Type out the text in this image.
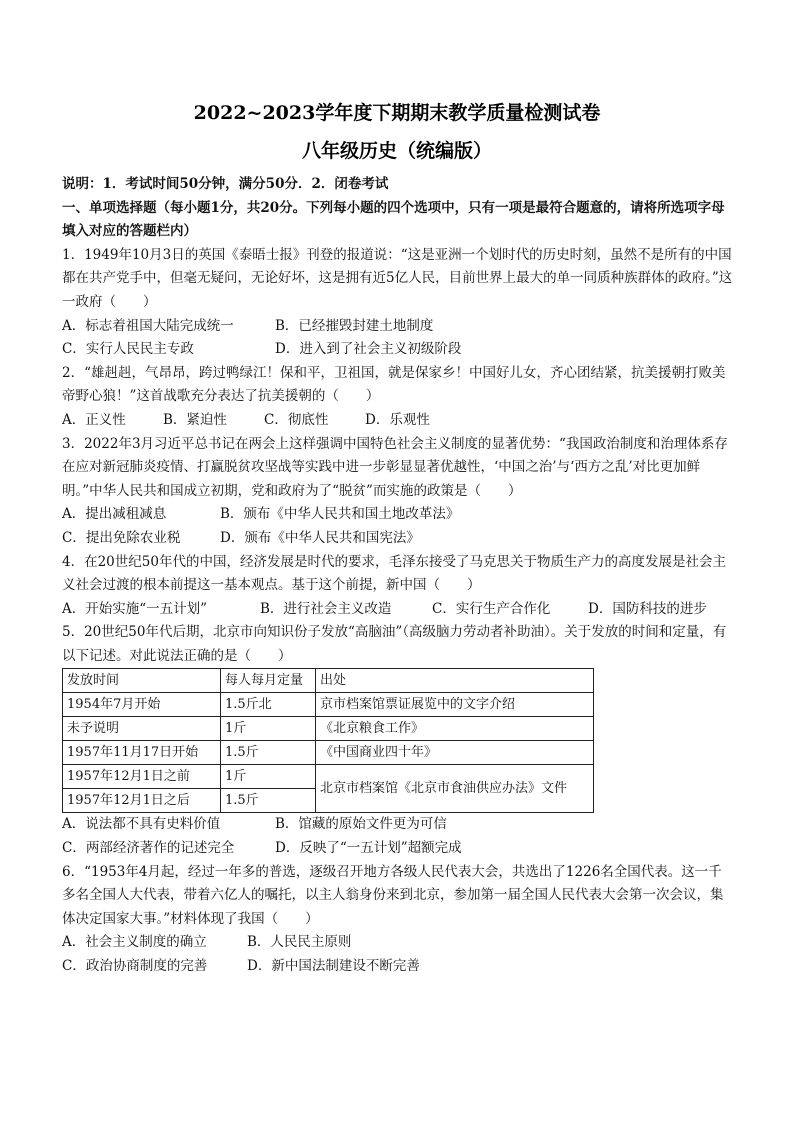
2022~2023学年度下期期末教学质量检测试卷
八年级历史（统编版）

说明：1．考试时间50分钟，满分50分．2．闭卷考试

一、单项选择题（每小题1分，共20分。下列每小题的四个选项中，只有一项是最符合题意的，请将所选项字母填入对应的答题栏内）

1．1949年10月3日的英国《泰晤士报》刊登的报道说：“这是亚洲一个划时代的历史时刻，虽然不是所有的中国都在共产党手中，但毫无疑问，无论好坏，这是拥有近5亿人民，目前世界上最大的单一同质种族群体的政府。”这一政府（　　）

A．标志着祖国大陆完成统一	B．已经摧毁封建土地制度
C．实行人民民主专政	D．进入到了社会主义初级阶段

2．“雄赳赳，气昂昂，跨过鸭绿江！保和平，卫祖国，就是保家乡！中国好儿女，齐心团结紧，抗美援朝打败美帝野心狼！”这首战歌充分表达了抗美援朝的（　　）

A．正义性	B．紧迫性	C．彻底性	D．乐观性

3．2022年3月习近平总书记在两会上这样强调中国特色社会主义制度的显著优势：“我国政治制度和治理体系存在应对新冠肺炎疫情、打赢脱贫攻坚战等实践中进一步彰显显著优越性，‘中国之治’与‘西方之乱’对比更加鲜明。”中华人民共和国成立初期，党和政府为了“脱贫”而实施的政策是（　　）

A．提出减租减息	B．颁布《中华人民共和国土地改革法》
C．提出免除农业税	D．颁布《中华人民共和国宪法》

4．在20世纪50年代的中国，经济发展是时代的要求，毛泽东接受了马克思关于物质生产力的高度发展是社会主义社会过渡的根本前提这一基本观点。基于这个前提，新中国（　　）

A．开始实施“一五计划”	B．进行社会主义改造	C．实行生产合作化	D．国防科技的进步

5．20世纪50年代后期，北京市向知识份子发放“高脑油”（高级脑力劳动者补助油）。关于发放的时间和定量，有以下记述。对此说法正确的是（　　）

发放时间	每人每月定量	出处
1954年7月开始	1.5斤北	京市档案馆票证展览中的文字介绍
未予说明	1斤	《北京粮食工作》
1957年11月17日开始	1.5斤	《中国商业四十年》
1957年12月1日之前	1斤	北京市档案馆《北京市食油供应办法》文件
1957年12月1日之后	1.5斤	
A．说法都不具有史料价值	B．馆藏的原始文件更为可信
C．两部经济著作的记述完全	D．反映了“一五计划”超额完成

6．“1953年4月起，经过一年多的普选，逐级召开地方各级人民代表大会，共选出了1226名全国代表。这一千多名全国人大代表，带着六亿人的嘱托，以主人翁身份来到北京，参加第一届全国人民代表大会第一次会议，集体决定国家大事。”材料体现了我国（　　）

A．社会主义制度的确立	B．人民民主原则
C．政治协商制度的完善	D．新中国法制建设不断完善
